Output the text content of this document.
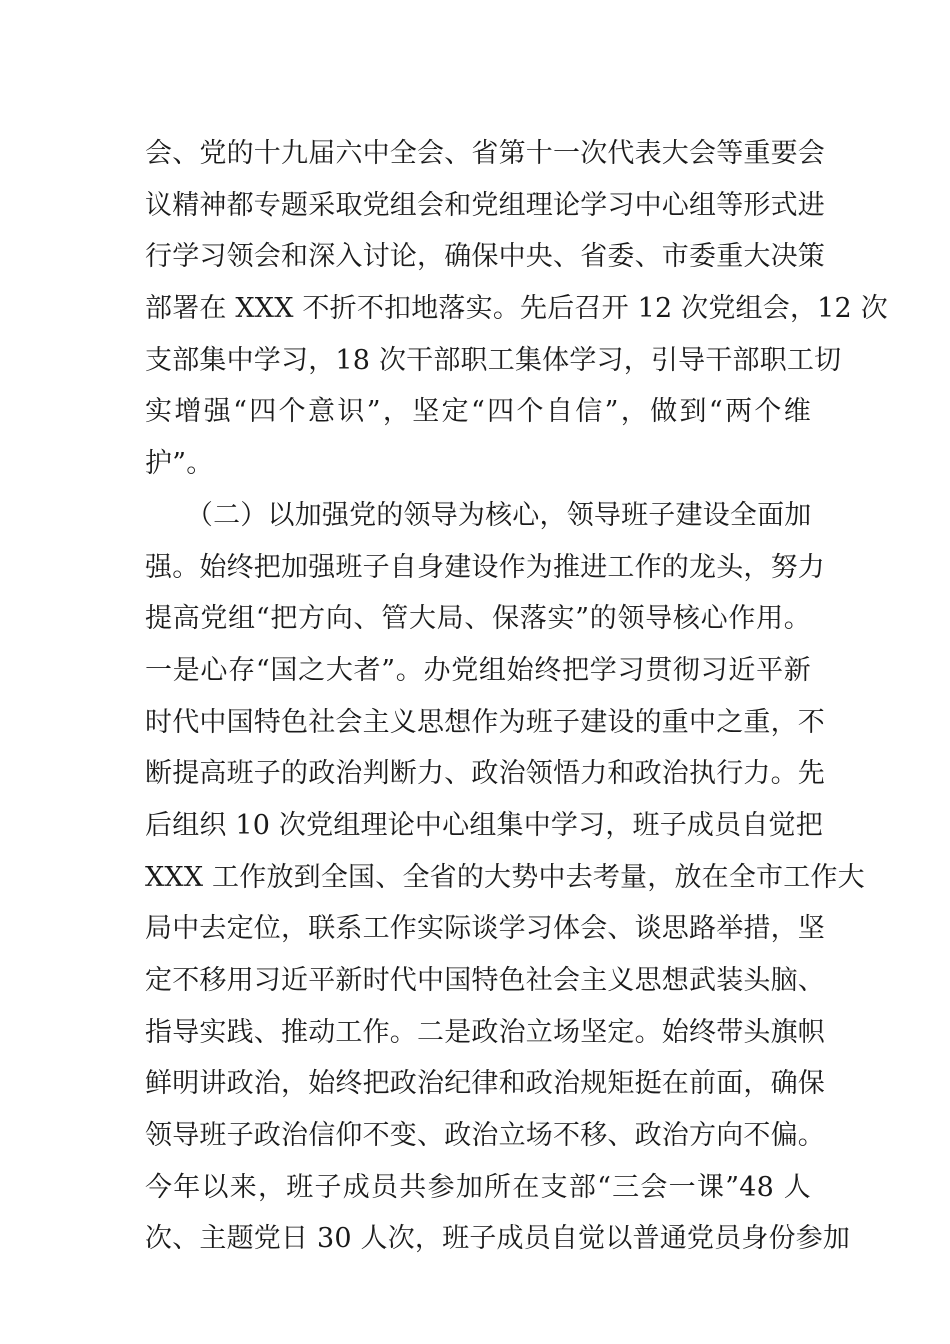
会、党的十九届六中全会、省第十一次代表大会等重要会
议精神都专题采取党组会和党组理论学习中心组等形式进
行学习领会和深入讨论，确保中央、省委、市委重大决策
部署在 XXX 不折不扣地落实。先后召开 12 次党组会，12 次
支部集中学习，18 次干部职工集体学习，引导干部职工切
实增强“四个意识”，坚定“四个自信”，做到“两个维
护”。
　　（二）以加强党的领导为核心，领导班子建设全面加
强。始终把加强班子自身建设作为推进工作的龙头，努力
提高党组“把方向、管大局、保落实”的领导核心作用。
一是心存“国之大者”。办党组始终把学习贯彻习近平新
时代中国特色社会主义思想作为班子建设的重中之重，不
断提高班子的政治判断力、政治领悟力和政治执行力。先
后组织 10 次党组理论中心组集中学习，班子成员自觉把
XXX 工作放到全国、全省的大势中去考量，放在全市工作大
局中去定位，联系工作实际谈学习体会、谈思路举措，坚
定不移用习近平新时代中国特色社会主义思想武装头脑、
指导实践、推动工作。二是政治立场坚定。始终带头旗帜
鲜明讲政治，始终把政治纪律和政治规矩挺在前面，确保
领导班子政治信仰不变、政治立场不移、政治方向不偏。
今年以来，班子成员共参加所在支部“三会一课”48 人
次、主题党日 30 人次，班子成员自觉以普通党员身份参加
